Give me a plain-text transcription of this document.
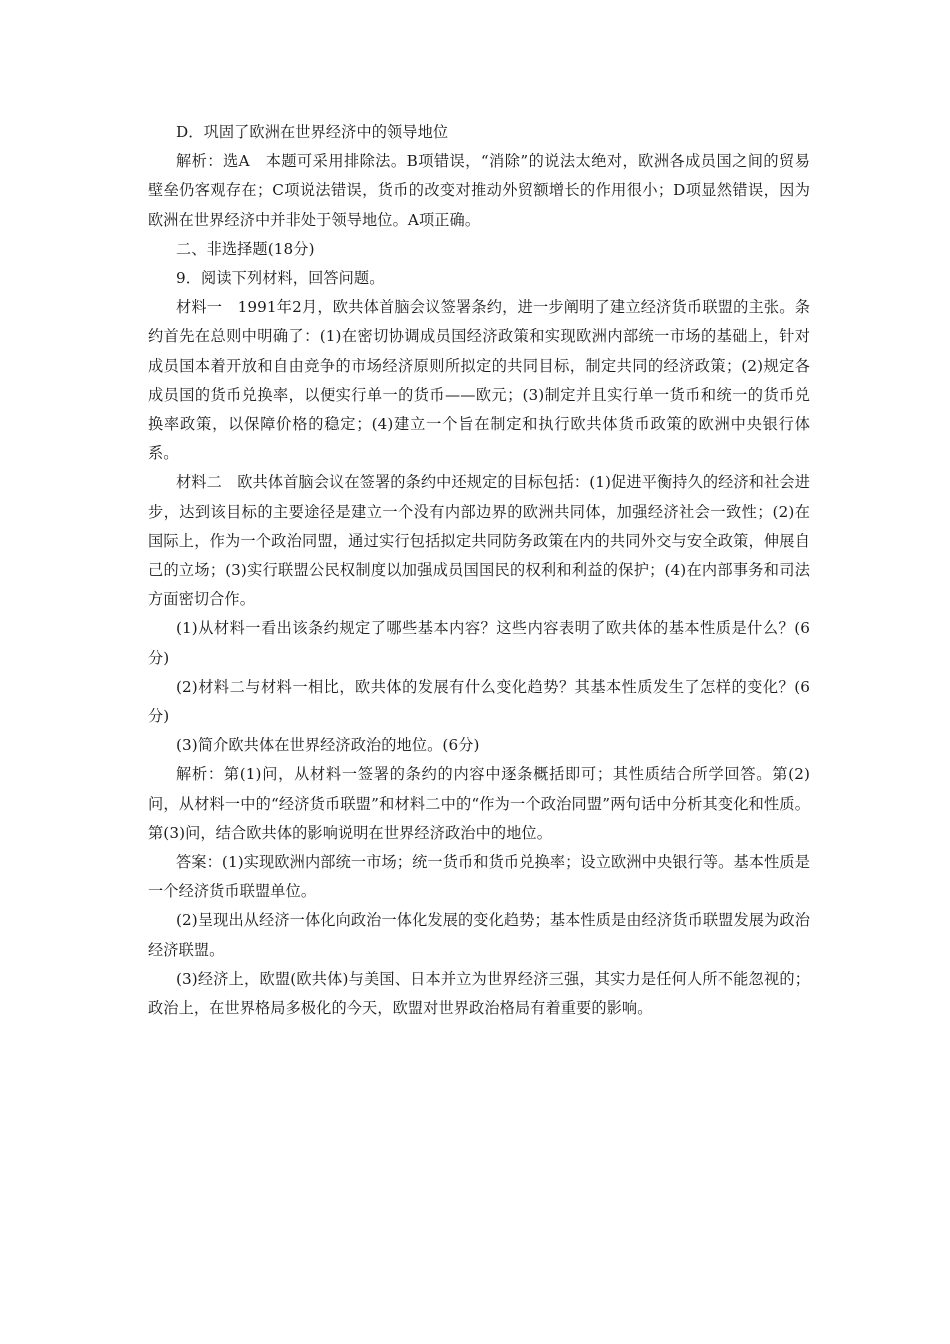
D．巩固了欧洲在世界经济中的领导地位

解析：选A　本题可采用排除法。B项错误，“消除”的说法太绝对，欧洲各成员国之间的贸易壁垒仍客观存在；C项说法错误，货币的改变对推动外贸额增长的作用很小；D项显然错误，因为欧洲在世界经济中并非处于领导地位。A项正确。

二、非选择题(18分)

9．阅读下列材料，回答问题。

材料一　1991年2月，欧共体首脑会议签署条约，进一步阐明了建立经济货币联盟的主张。条约首先在总则中明确了：(1)在密切协调成员国经济政策和实现欧洲内部统一市场的基础上，针对成员国本着开放和自由竞争的市场经济原则所拟定的共同目标，制定共同的经济政策；(2)规定各成员国的货币兑换率，以便实行单一的货币——欧元；(3)制定并且实行单一货币和统一的货币兑换率政策，以保障价格的稳定；(4)建立一个旨在制定和执行欧共体货币政策的欧洲中央银行体系。

材料二　欧共体首脑会议在签署的条约中还规定的目标包括：(1)促进平衡持久的经济和社会进步，达到该目标的主要途径是建立一个没有内部边界的欧洲共同体，加强经济社会一致性；(2)在国际上，作为一个政治同盟，通过实行包括拟定共同防务政策在内的共同外交与安全政策，伸展自己的立场；(3)实行联盟公民权制度以加强成员国国民的权利和利益的保护；(4)在内部事务和司法方面密切合作。

(1)从材料一看出该条约规定了哪些基本内容？这些内容表明了欧共体的基本性质是什么？(6分)

(2)材料二与材料一相比，欧共体的发展有什么变化趋势？其基本性质发生了怎样的变化？(6分)

(3)简介欧共体在世界经济政治的地位。(6分)

解析：第(1)问，从材料一签署的条约的内容中逐条概括即可；其性质结合所学回答。第(2)问，从材料一中的“经济货币联盟”和材料二中的“作为一个政治同盟”两句话中分析其变化和性质。第(3)问，结合欧共体的影响说明在世界经济政治中的地位。

答案：(1)实现欧洲内部统一市场；统一货币和货币兑换率；设立欧洲中央银行等。基本性质是一个经济货币联盟单位。

(2)呈现出从经济一体化向政治一体化发展的变化趋势；基本性质是由经济货币联盟发展为政治经济联盟。

(3)经济上，欧盟(欧共体)与美国、日本并立为世界经济三强，其实力是任何人所不能忽视的；政治上，在世界格局多极化的今天，欧盟对世界政治格局有着重要的影响。
